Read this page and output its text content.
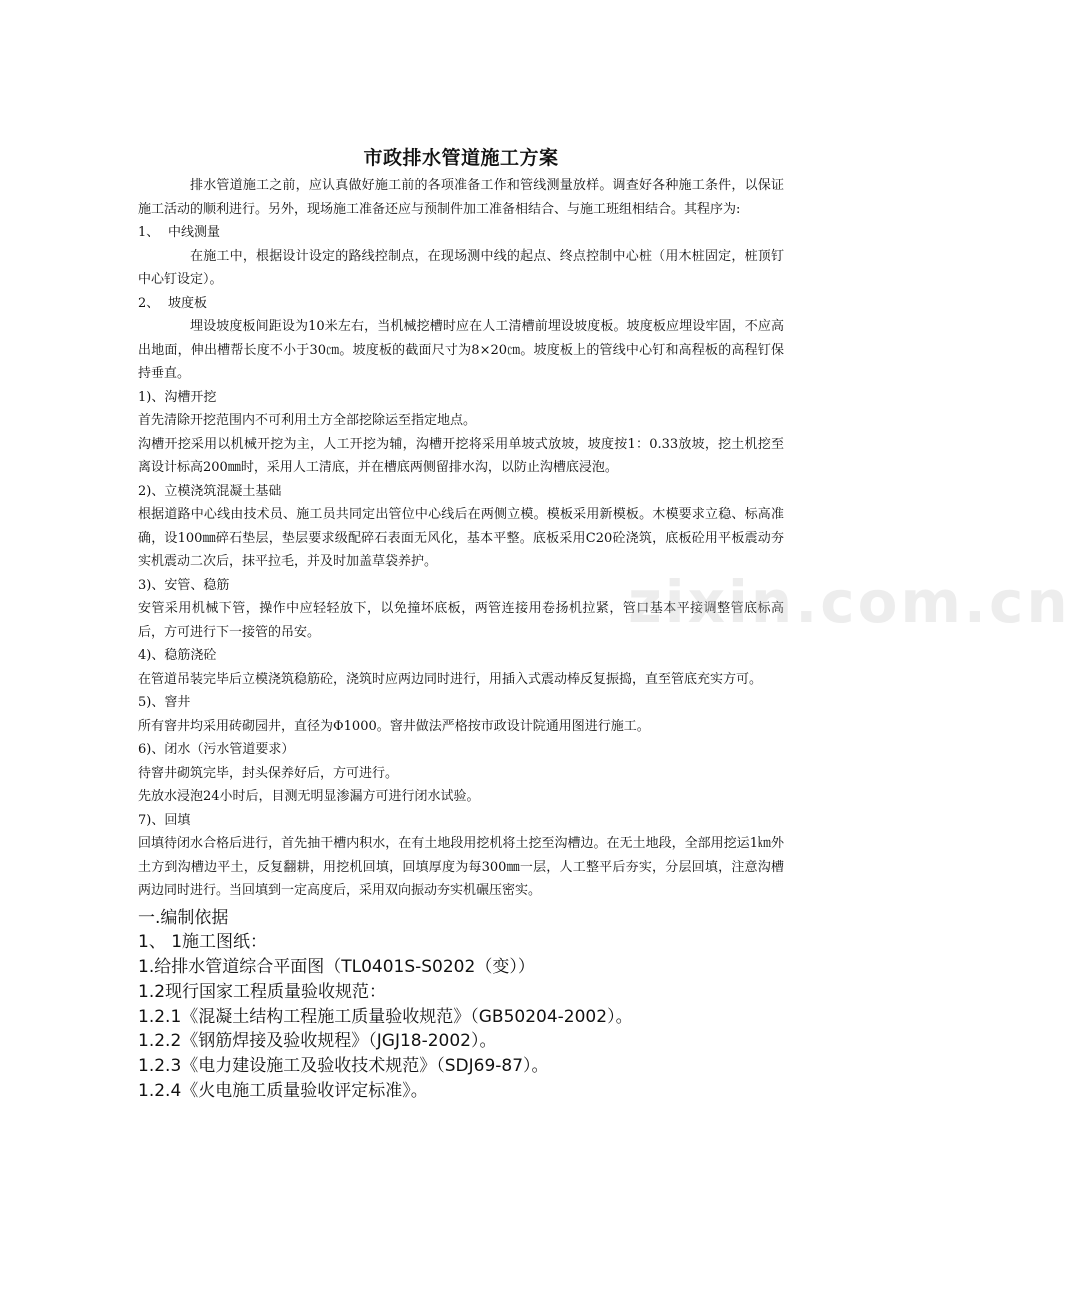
市政排水管道施工方案

排水管道施工之前，应认真做好施工前的各项准备工作和管线测量放样。调查好各种施工条件，以保证施工活动的顺利进行。另外，现场施工准备还应与预制件加工准备相结合、与施工班组相结合。其程序为:

1、 中线测量

在施工中，根据设计设定的路线控制点，在现场测中线的起点、终点控制中心桩（用木桩固定，桩顶钉中心钉设定）。

2、 坡度板

埋设坡度板间距设为10米左右，当机械挖槽时应在人工清槽前埋设坡度板。坡度板应埋设牢固，不应高出地面，伸出槽帮长度不小于30㎝。坡度板的截面尺寸为8×20㎝。坡度板上的管线中心钉和高程板的高程钉保持垂直。

1)、沟槽开挖

首先清除开挖范围内不可利用土方全部挖除运至指定地点。

沟槽开挖采用以机械开挖为主，人工开挖为辅，沟槽开挖将采用单坡式放坡，坡度按1：0.33放坡，挖土机挖至离设计标高200㎜时，采用人工清底，并在槽底两侧留排水沟，以防止沟槽底浸泡。

2)、立模浇筑混凝土基础

根据道路中心线由技术员、施工员共同定出管位中心线后在两侧立模。模板采用新模板。木模要求立稳、标高准确，设100㎜碎石垫层，垫层要求级配碎石表面无风化，基本平整。底板采用C20砼浇筑，底板砼用平板震动夯实机震动二次后，抹平拉毛，并及时加盖草袋养护。

3)、安管、稳筋

安管采用机械下管，操作中应轻轻放下，以免撞坏底板，两管连接用卷扬机拉紧，管口基本平接调整管底标高后，方可进行下一接管的吊安。

4)、稳筋浇砼

在管道吊装完毕后立模浇筑稳筋砼，浇筑时应两边同时进行，用插入式震动棒反复振捣，直至管底充实方可。

5)、窨井

所有窨井均采用砖砌园井，直径为Φ1000。窨井做法严格按市政设计院通用图进行施工。

6)、闭水（污水管道要求）

待窨井砌筑完毕，封头保养好后，方可进行。

先放水浸泡24小时后，目测无明显渗漏方可进行闭水试验。

7)、回填

回填待闭水合格后进行，首先抽干槽内积水，在有土地段用挖机将土挖至沟槽边。在无土地段，全部用挖运1㎞外土方到沟槽边平土，反复翻耕，用挖机回填，回填厚度为每300㎜一层，人工整平后夯实，分层回填，注意沟槽两边同时进行。当回填到一定高度后，采用双向振动夯实机碾压密实。

一.编制依据

1、 1施工图纸：

1.给排水管道综合平面图（TL0401S-S0202（变））

1.2现行国家工程质量验收规范：

1.2.1《混凝土结构工程施工质量验收规范》（GB50204-2002）。

1.2.2《钢筋焊接及验收规程》（JGJ18-2002）。

1.2.3《电力建设施工及验收技术规范》（SDJ69-87）。

1.2.4《火电施工质量验收评定标准》。

zixin.com.cn
